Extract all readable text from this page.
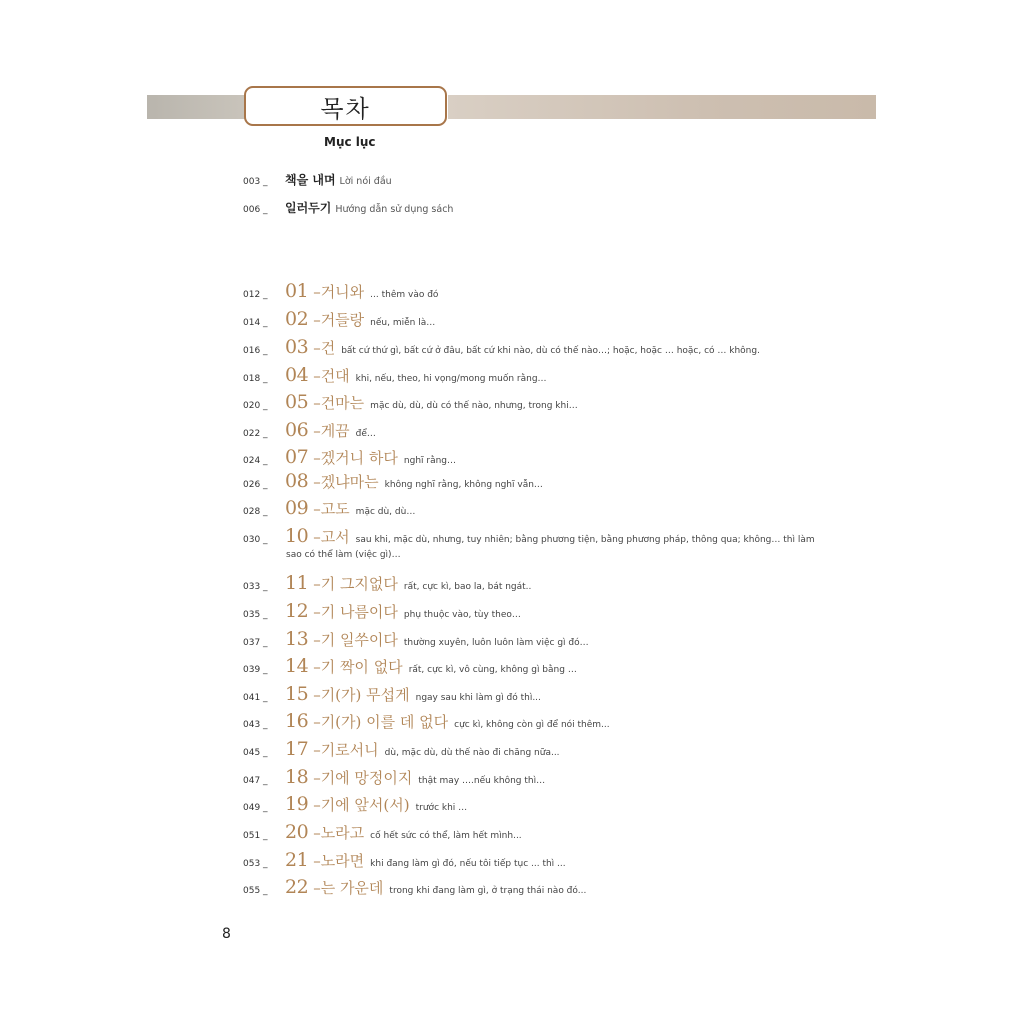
목차
Mục lục
003 _	책을 내며 Lời nói đầu
006 _	일러두기 Hướng dẫn sử dụng sách
012 _ 01 –거니와 ... thêm vào đó
014 _ 02 –거들랑 nếu, miễn là…
016 _ 03 –건 bất cứ thứ gì, bất cứ ở đâu, bất cứ khi nào, dù có thế nào…; hoặc, hoặc … hoặc, có … không.
018 _ 04 –건대 khi, nếu, theo, hi vọng/mong muốn rằng…
020 _ 05 –건마는 mặc dù, dù, dù có thế nào, nhưng, trong khi…
022 _ 06 –게끔 để…
024 _ 07 –겠거니 하다 nghĩ rằng…
026 _ 08 –겠냐마는 không nghĩ rằng, không nghĩ vẫn…
028 _ 09 –고도 mặc dù, dù…
030 _ 10 –고서 sau khi, mặc dù, nhưng, tuy nhiên; bằng phương tiện, bằng phương pháp, thông qua; không… thì làm
sao có thể làm (việc gì)…
033 _ 11 –기 그지없다 rất, cực kì, bao la, bát ngát..
035 _ 12 –기 나름이다 phụ thuộc vào, tùy theo…
037 _ 13 –기 일쑤이다 thường xuyên, luôn luôn làm việc gì đó…
039 _ 14 –기 짝이 없다 rất, cực kì, vô cùng, không gì bằng …
041 _ 15 –기(가) 무섭게 ngay sau khi làm gì đó thì...
043 _ 16 –기(가) 이를 데 없다 cực kì, không còn gì để nói thêm...
045 _ 17 –기로서니 dù, mặc dù, dù thế nào đi chăng nữa...
047 _ 18 –기에 망정이지 thật may ….nếu không thì…
049 _ 19 –기에 앞서(서) trước khi …
051 _ 20 –노라고 cố hết sức có thể, làm hết mình...
053 _ 21 –노라면 khi đang làm gì đó, nếu tôi tiếp tục ... thì ...
055 _ 22 –는 가운데 trong khi đang làm gì, ở trạng thái nào đó...
8
